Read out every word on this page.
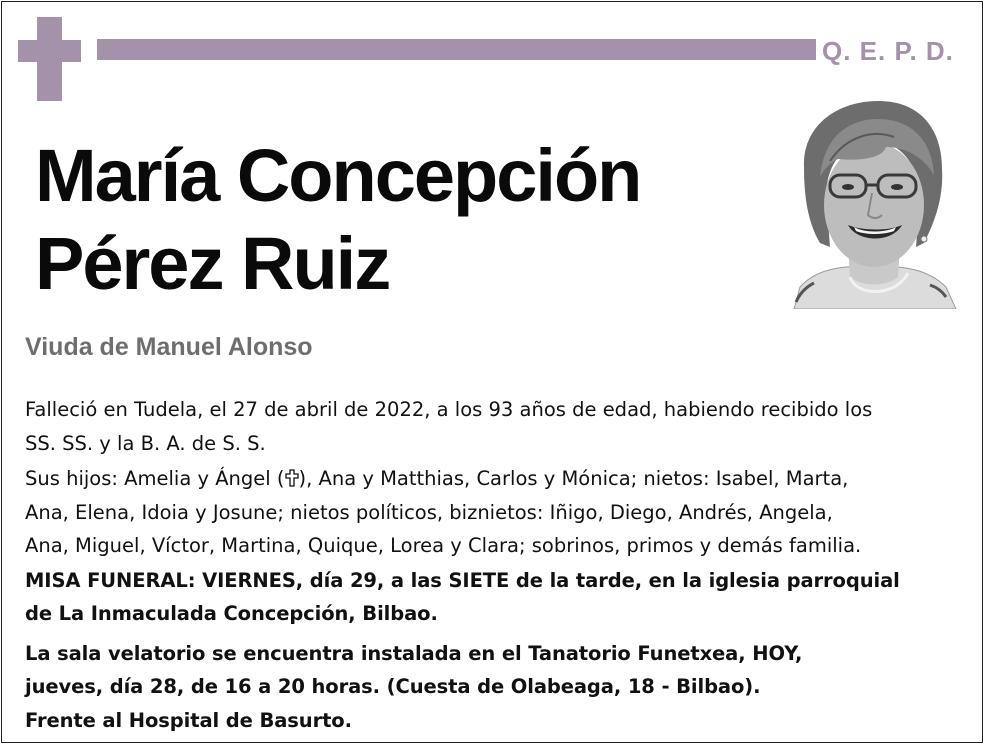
Q. E. P. D.
María Concepción
Pérez Ruiz
Viuda de Manuel Alonso

Falleció en Tudela, el 27 de abril de 2022, a los 93 años de edad, habiendo recibido los
SS. SS. y la B. A. de S. S.

Sus hijos: Amelia y Ángel ( ), Ana y Matthias, Carlos y Mónica; nietos: Isabel, Marta,
Ana, Elena, Idoia y Josune; nietos políticos, biznietos: Iñigo, Diego, Andrés, Angela,
Ana, Miguel, Víctor, Martina, Quique, Lorea y Clara; sobrinos, primos y demás familia.

MISA FUNERAL: VIERNES, día 29, a las SIETE de la tarde, en la iglesia parroquial
de La Inmaculada Concepción, Bilbao.

La sala velatorio se encuentra instalada en el Tanatorio Funetxea, HOY,
jueves, día 28, de 16 a 20 horas. (Cuesta de Olabeaga, 18 - Bilbao).
Frente al Hospital de Basurto.
